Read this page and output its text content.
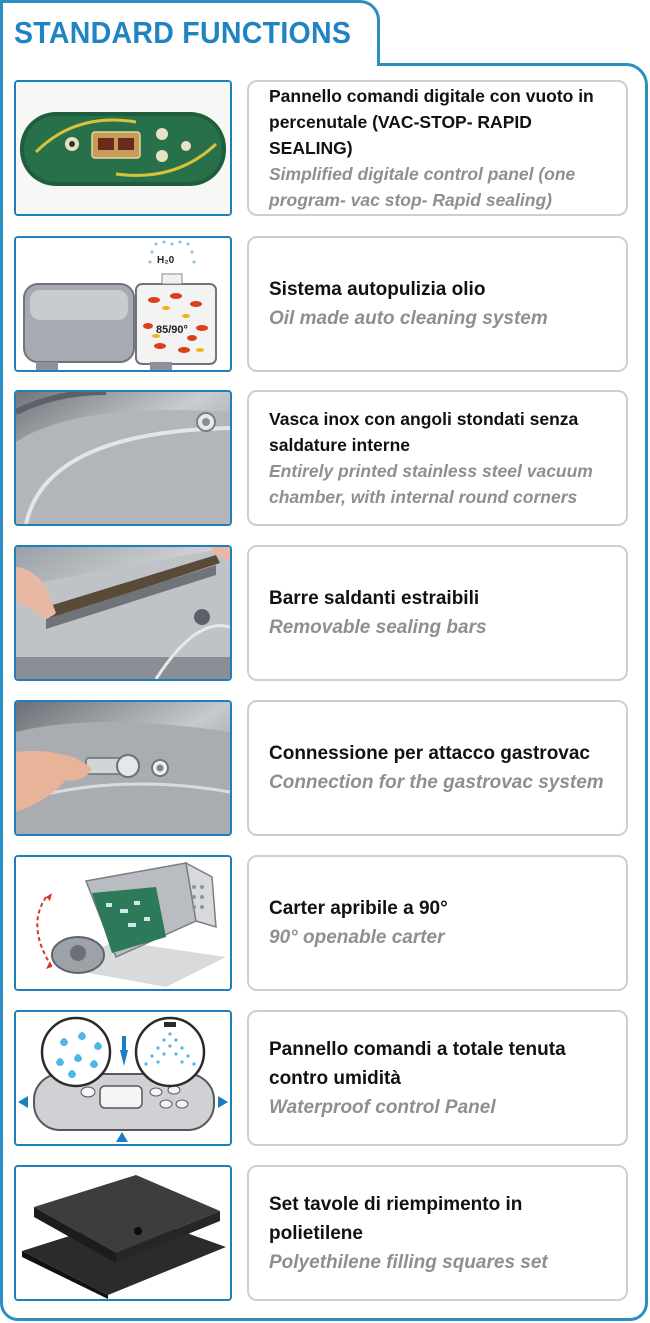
STANDARD FUNCTIONS
Pannello comandi digitale con vuoto in percenutale (VAC-STOP- RAPID SEALING)
Simplified digitale control panel (one program- vac stop- Rapid sealing)
H₂0
85/90°
Sistema autopulizia olio
Oil made auto cleaning system
Vasca inox con angoli stondati senza saldature interne
Entirely printed stainless steel vacuum chamber, with internal round corners
Barre saldanti estraibili
Removable sealing bars
Connessione per attacco gastrovac
Connection for the gastrovac system
Carter apribile a 90°
90° openable carter
Pannello comandi a totale tenuta contro umidità
Waterproof control Panel
Set tavole di riempimento in polietilene
Polyethilene filling squares set
